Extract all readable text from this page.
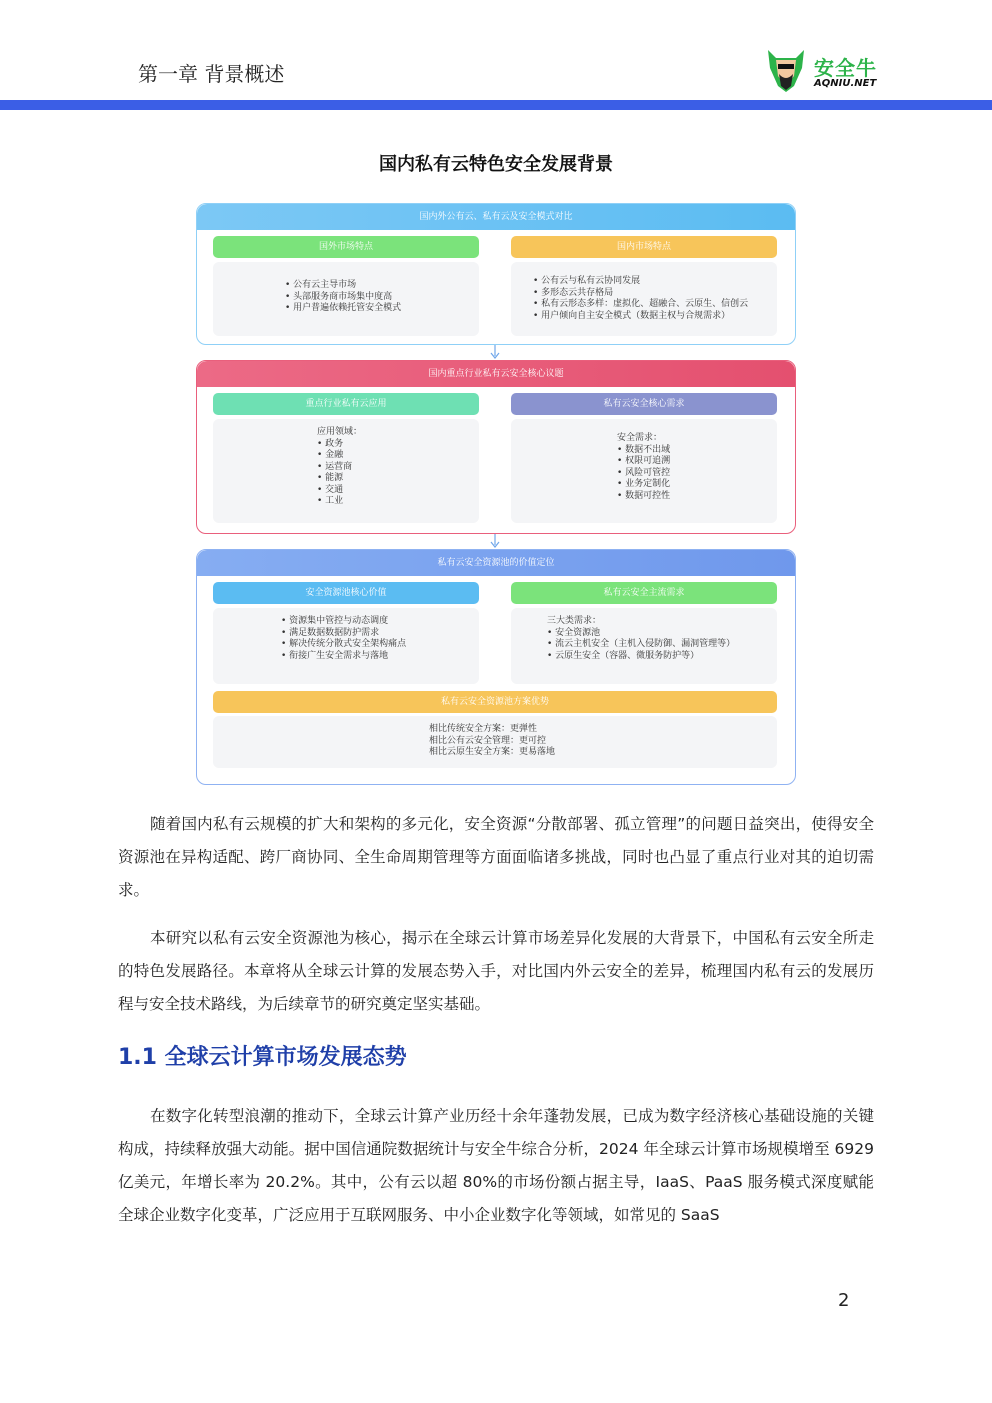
第一章 背景概述	安全牛
AQNIU.NET
国内私有云特色安全发展背景
国内外公有云、私有云及安全模式对比
国外市场特点
• 公有云主导市场
• 头部服务商市场集中度高
• 用户普遍依赖托管安全模式
国内市场特点
• 公有云与私有云协同发展
• 多形态云共存格局
• 私有云形态多样：虚拟化、超融合、云原生、信创云
• 用户倾向自主安全模式（数据主权与合规需求）
国内重点行业私有云安全核心议题
重点行业私有云应用
应用领域：
• 政务
• 金融
• 运营商
• 能源
• 交通
• 工业
私有云安全核心需求
安全需求：
• 数据不出域
• 权限可追溯
• 风险可管控
• 业务定制化
• 数据可控性
私有云安全资源池的价值定位
安全资源池核心价值
• 资源集中管控与动态调度
• 满足数据数据防护需求
• 解决传统分散式安全架构痛点
• 衔接广生安全需求与落地
私有云安全主流需求
三大类需求：
• 安全资源池
• 流云主机安全（主机入侵防御、漏洞管理等）
• 云原生安全（容器、微服务防护等）
私有云安全资源池方案优势
相比传统安全方案：更弹性
相比公有云安全管理：更可控
相比云原生安全方案：更易落地
随着国内私有云规模的扩大和架构的多元化，安全资源“分散部署、孤立管理”的问题日益突出，使得安全资源池在异构适配、跨厂商协同、全生命周期管理等方面面临诸多挑战，同时也凸显了重点行业对其的迫切需求。
本研究以私有云安全资源池为核心，揭示在全球云计算市场差异化发展的大背景下，中国私有云安全所走的特色发展路径。本章将从全球云计算的发展态势入手，对比国内外云安全的差异，梳理国内私有云的发展历程与安全技术路线，为后续章节的研究奠定坚实基础。
1.1 全球云计算市场发展态势
在数字化转型浪潮的推动下，全球云计算产业历经十余年蓬勃发展，已成为数字经济核心基础设施的关键构成，持续释放强大动能。据中国信通院数据统计与安全牛综合分析，2024 年全球云计算市场规模增至 6929 亿美元，年增长率为 20.2%。其中，公有云以超 80%的市场份额占据主导，IaaS、PaaS 服务模式深度赋能全球企业数字化变革，广泛应用于互联网服务、中小企业数字化等领域，如常见的 SaaS
2
